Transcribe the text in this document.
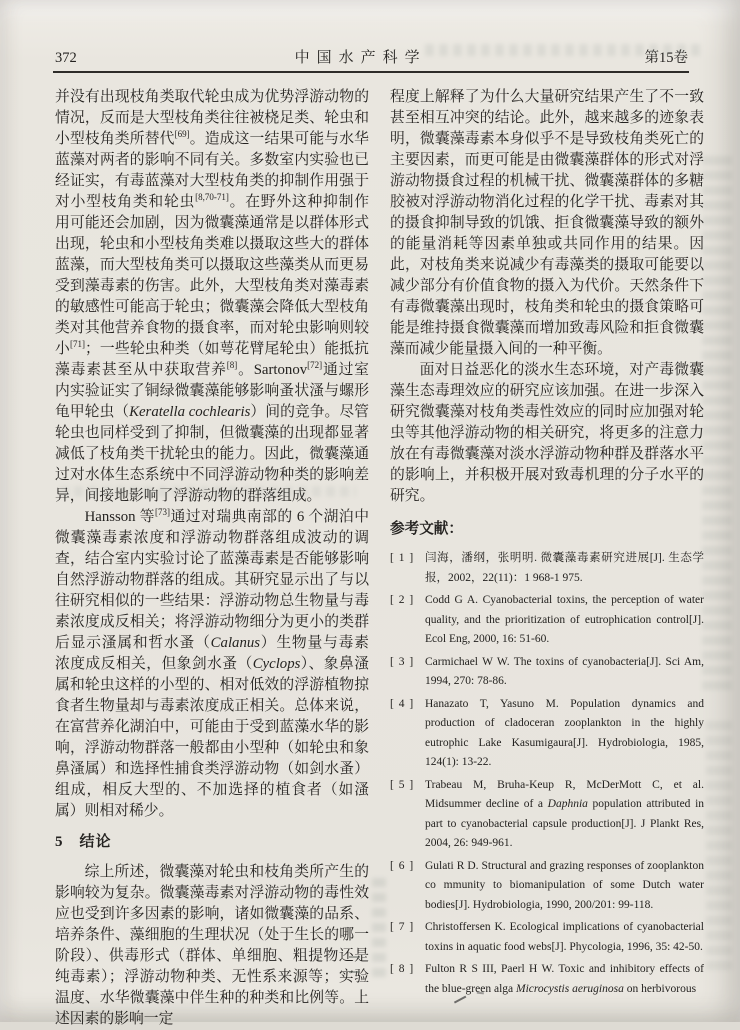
372	中国水产科学	第15卷

并没有出现枝角类取代轮虫成为优势浮游动物的情况，反而是大型枝角类往往被桡足类、轮虫和小型枝角类所替代[69]。造成这一结果可能与水华蓝藻对两者的影响不同有关。多数室内实验也已经证实，有毒蓝藻对大型枝角类的抑制作用强于对小型枝角类和轮虫[8,70-71]。在野外这种抑制作用可能还会加剧，因为微囊藻通常是以群体形式出现，轮虫和小型枝角类难以摄取这些大的群体蓝藻，而大型枝角类可以摄取这些藻类从而更易受到藻毒素的伤害。此外，大型枝角类对藻毒素的敏感性可能高于轮虫；微囊藻会降低大型枝角类对其他营养食物的摄食率，而对轮虫影响则较小[71]；一些轮虫种类（如萼花臂尾轮虫）能抵抗藻毒素甚至从中获取营养[8]。Sartonov[72]通过室内实验证实了铜绿微囊藻能够影响蚤状溞与螺形龟甲轮虫（Keratella cochlearis）间的竞争。尽管轮虫也同样受到了抑制，但微囊藻的出现都显著减低了枝角类干扰轮虫的能力。因此，微囊藻通过对水体生态系统中不同浮游动物种类的影响差异，间接地影响了浮游动物的群落组成。

Hansson 等[73]通过对瑞典南部的 6 个湖泊中微囊藻毒素浓度和浮游动物群落组成波动的调查，结合室内实验讨论了蓝藻毒素是否能够影响自然浮游动物群落的组成。其研究显示出了与以往研究相似的一些结果：浮游动物总生物量与毒素浓度成反相关；将浮游动物细分为更小的类群后显示溞属和哲水蚤（Calanus）生物量与毒素浓度成反相关，但象剑水蚤（Cyclops）、象鼻溞属和轮虫这样的小型的、相对低效的浮游植物掠食者生物量却与毒素浓度成正相关。总体来说，在富营养化湖泊中，可能由于受到蓝藻水华的影响，浮游动物群落一般都由小型种（如轮虫和象鼻溞属）和选择性捕食类浮游动物（如剑水蚤）组成，相反大型的、不加选择的植食者（如溞属）则相对稀少。

5　结论

综上所述，微囊藻对轮虫和枝角类所产生的影响较为复杂。微囊藻毒素对浮游动物的毒性效应也受到许多因素的影响，诸如微囊藻的品系、培养条件、藻细胞的生理状况（处于生长的哪一阶段）、供毒形式（群体、单细胞、粗提物还是纯毒素）；浮游动物种类、无性系来源等；实验温度、水华微囊藻中伴生种的种类和比例等。上述因素的影响一定

程度上解释了为什么大量研究结果产生了不一致甚至相互冲突的结论。此外，越来越多的迹象表明，微囊藻毒素本身似乎不是导致枝角类死亡的主要因素，而更可能是由微囊藻群体的形式对浮游动物摄食过程的机械干扰、微囊藻群体的多糖胶被对浮游动物消化过程的化学干扰、毒素对其的摄食抑制导致的饥饿、拒食微囊藻导致的额外的能量消耗等因素单独或共同作用的结果。因此，对枝角类来说减少有毒藻类的摄取可能要以减少部分有价值食物的摄入为代价。天然条件下有毒微囊藻出现时，枝角类和轮虫的摄食策略可能是维持摄食微囊藻而增加致毒风险和拒食微囊藻而减少能量摄入间的一种平衡。

面对日益恶化的淡水生态环境，对产毒微囊藻生态毒理效应的研究应该加强。在进一步深入研究微囊藻对枝角类毒性效应的同时应加强对轮虫等其他浮游动物的相关研究，将更多的注意力放在有毒微囊藻对淡水浮游动物种群及群落水平的影响上，并积极开展对致毒机理的分子水平的研究。

参考文献：
[ 1 ] 闫海，潘纲，张明明. 微囊藻毒素研究进展[J]. 生态学报，2002，22(11)：1 968-1 975.
[ 2 ] Codd G A. Cyanobacterial toxins, the perception of water quality, and the prioritization of eutrophication control[J]. Ecol Eng, 2000, 16: 51-60.
[ 3 ] Carmichael W W. The toxins of cyanobacteria[J]. Sci Am, 1994, 270: 78-86.
[ 4 ] Hanazato T, Yasuno M. Population dynamics and production of cladoceran zooplankton in the highly eutrophic Lake Kasumigaura[J]. Hydrobiologia, 1985, 124(1): 13-22.
[ 5 ] Trabeau M, Bruha-Keup R, McDerMott C, et al. Midsummer decline of a Daphnia population attributed in part to cyanobacterial capsule production[J]. J Plankt Res, 2004, 26: 949-961.
[ 6 ] Gulati R D. Structural and grazing responses of zooplankton co mmunity to biomanipulation of some Dutch water bodies[J]. Hydrobiologia, 1990, 200/201: 99-118.
[ 7 ] Christoffersen K. Ecological implications of cyanobacterial toxins in aquatic food webs[J]. Phycologia, 1996, 35: 42-50.
[ 8 ] Fulton R S III, Paerl H W. Toxic and inhibitory effects of the blue-green alga Microcystis aeruginosa on herbivorous
